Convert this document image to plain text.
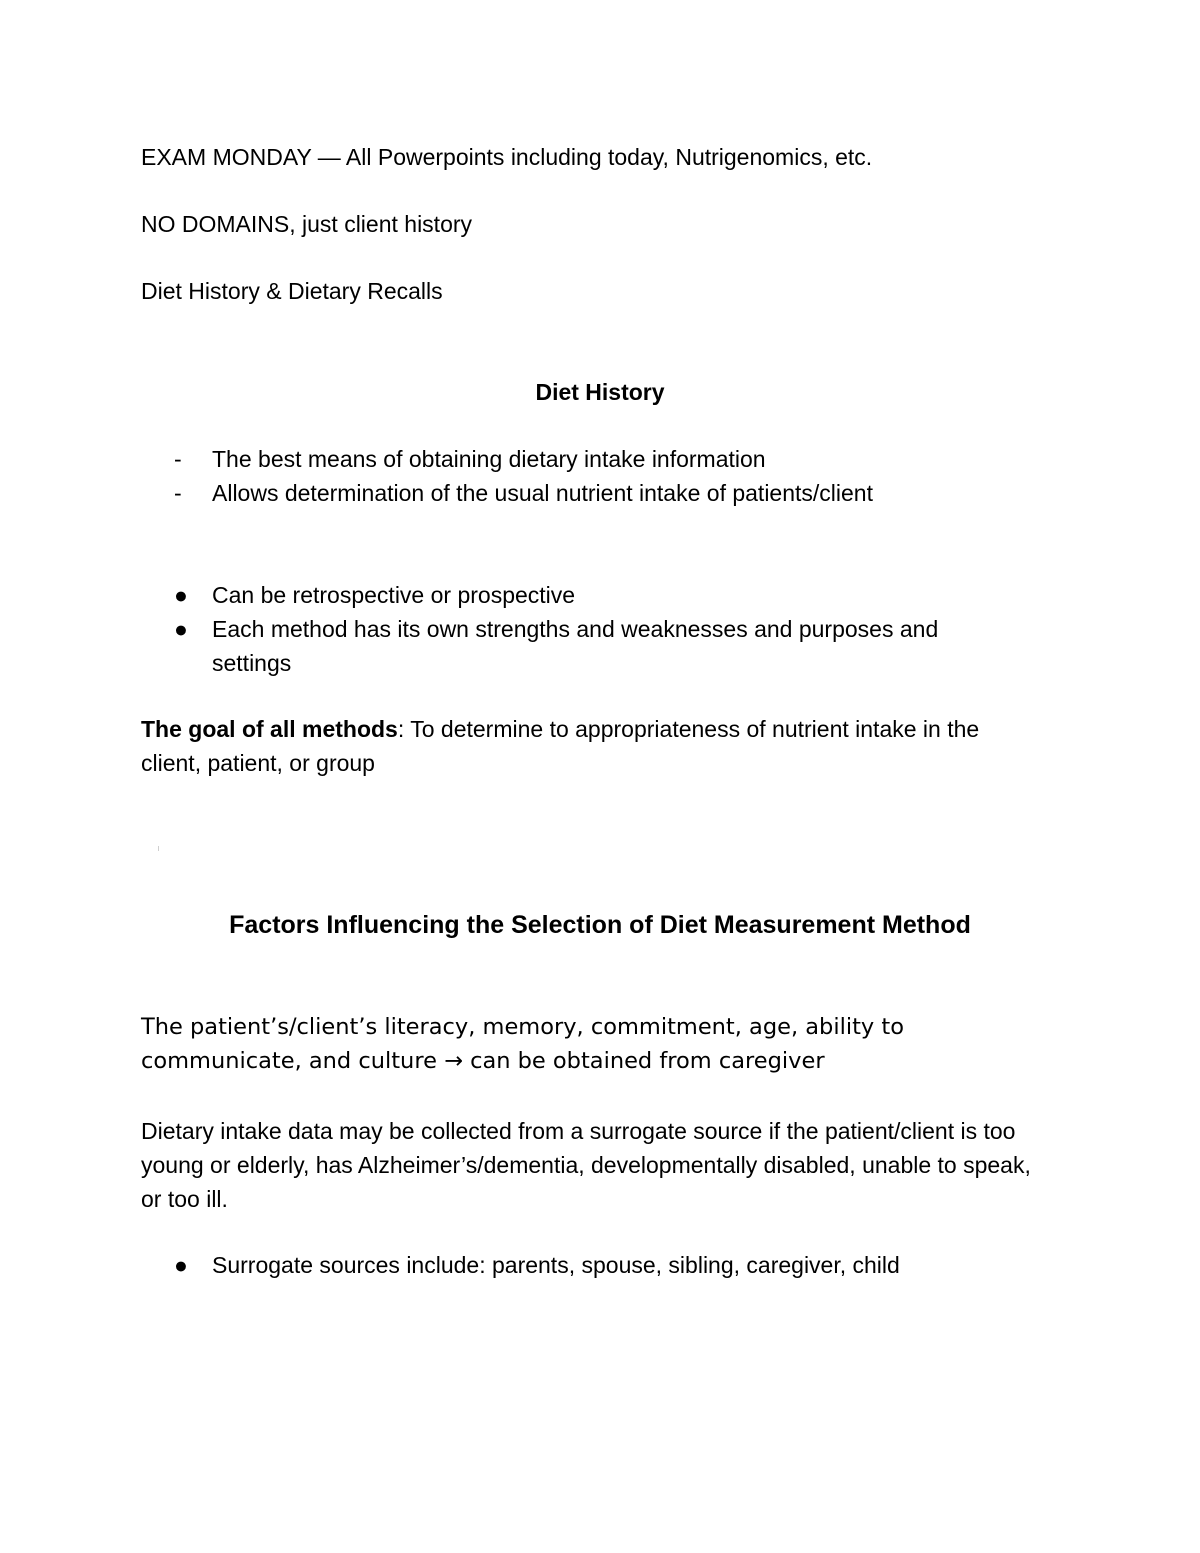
EXAM MONDAY — All Powerpoints including today, Nutrigenomics, etc.
NO DOMAINS, just client history
Diet History & Dietary Recalls
Diet History
-	The best means of obtaining dietary intake information
-	Allows determination of the usual nutrient intake of patients/client
● Can be retrospective or prospective
● Each method has its own strengths and weaknesses and purposes and settings
The goal of all methods: To determine to appropriateness of nutrient intake in the client, patient, or group
Factors Influencing the Selection of Diet Measurement Method
The patient’s/client’s literacy, memory, commitment, age, ability to communicate, and culture → can be obtained from caregiver
Dietary intake data may be collected from a surrogate source if the patient/client is too young or elderly, has Alzheimer’s/dementia, developmentally disabled, unable to speak, or too ill.
● Surrogate sources include: parents, spouse, sibling, caregiver, child
